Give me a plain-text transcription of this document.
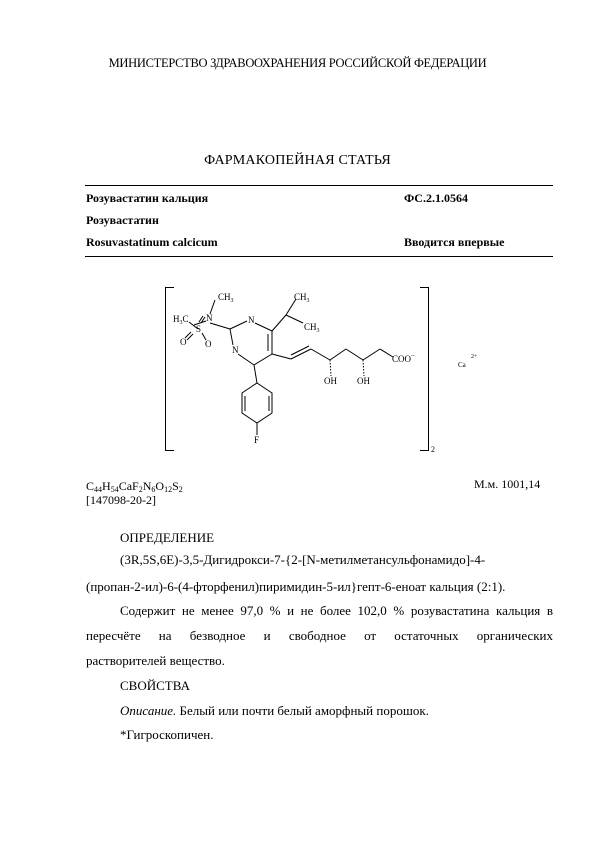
МИНИСТЕРСТВО ЗДРАВООХРАНЕНИЯ РОССИЙСКОЙ ФЕДЕРАЦИИ
ФАРМАКОПЕЙНАЯ СТАТЬЯ
Розувастатин кальция	ФС.2.1.0564
Розувастатин
Rosuvastatinum calcicum	Вводится впервые
2
N
$CH_3$
$H_3C$
S
O O
N
N
$CH_3$
$CH_3$
OH OH
COO−
F
Ca
2+
$C_{44}H_{54}CaF_2N_6O_{12}S_2$	М.м. 1001,14
[147098-20-2]
ОПРЕДЕЛЕНИЕ
(3R,5S,6E)-3,5-Дигидрокси-7-{2-[N-метилметансульфонамидо]-4-
(пропан-2-ил)-6-(4-фторфенил)пиримидин-5-ил}гепт-6-еноат кальция (2:1).
Содержит не менее 97,0 % и не более 102,0 % розувастатина кальция в
пересчёте на безводное и свободное от остаточных органических
растворителей вещество.
СВОЙСТВА
Описание. Белый или почти белый аморфный порошок.
*Гигроскопичен.
